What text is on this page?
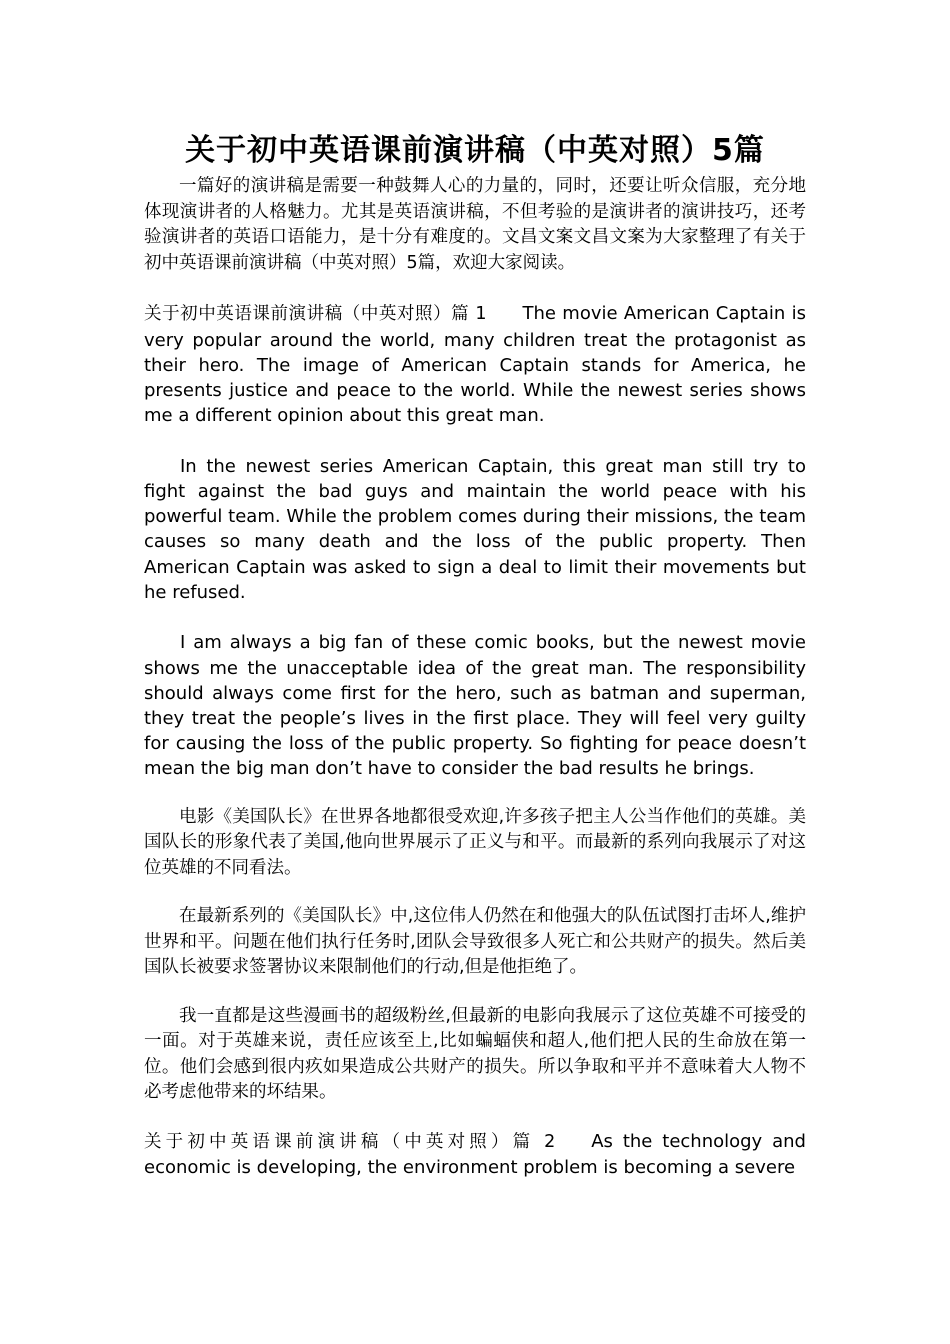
关于初中英语课前演讲稿（中英对照）5篇

一篇好的演讲稿是需要一种鼓舞人心的力量的，同时，还要让听众信服，充分地体现演讲者的人格魅力。尤其是英语演讲稿，不但考验的是演讲者的演讲技巧，还考验演讲者的英语口语能力，是十分有难度的。文昌文案文昌文案为大家整理了有关于初中英语课前演讲稿（中英对照）5篇，欢迎大家阅读。

关于初中英语课前演讲稿（中英对照）篇 1 The movie American Captain is very popular around the world, many children treat the protagonist as their hero. The image of American Captain stands for America, he presents justice and peace to the world. While the newest series shows me a different opinion about this great man.

In the newest series American Captain, this great man still try to fight against the bad guys and maintain the world peace with his powerful team. While the problem comes during their missions, the team causes so many death and the loss of the public property. Then American Captain was asked to sign a deal to limit their movements but he refused.

I am always a big fan of these comic books, but the newest movie shows me the unacceptable idea of the great man. The responsibility should always come first for the hero, such as batman and superman, they treat the people’s lives in the first place. They will feel very guilty for causing the loss of the public property. So fighting for peace doesn’t mean the big man don’t have to consider the bad results he brings.

电影《美国队长》在世界各地都很受欢迎,许多孩子把主人公当作他们的英雄。美国队长的形象代表了美国,他向世界展示了正义与和平。而最新的系列向我展示了对这位英雄的不同看法。

在最新系列的《美国队长》中,这位伟人仍然在和他强大的队伍试图打击坏人,维护世界和平。问题在他们执行任务时,团队会导致很多人死亡和公共财产的损失。然后美国队长被要求签署协议来限制他们的行动,但是他拒绝了。

我一直都是这些漫画书的超级粉丝,但最新的电影向我展示了这位英雄不可接受的一面。对于英雄来说，责任应该至上,比如蝙蝠侠和超人,他们把人民的生命放在第一位。他们会感到很内疚如果造成公共财产的损失。所以争取和平并不意味着大人物不必考虑他带来的坏结果。

关于初中英语课前演讲稿（中英对照）篇 2 As the technology and economic is developing, the environment problem is becoming a severe
